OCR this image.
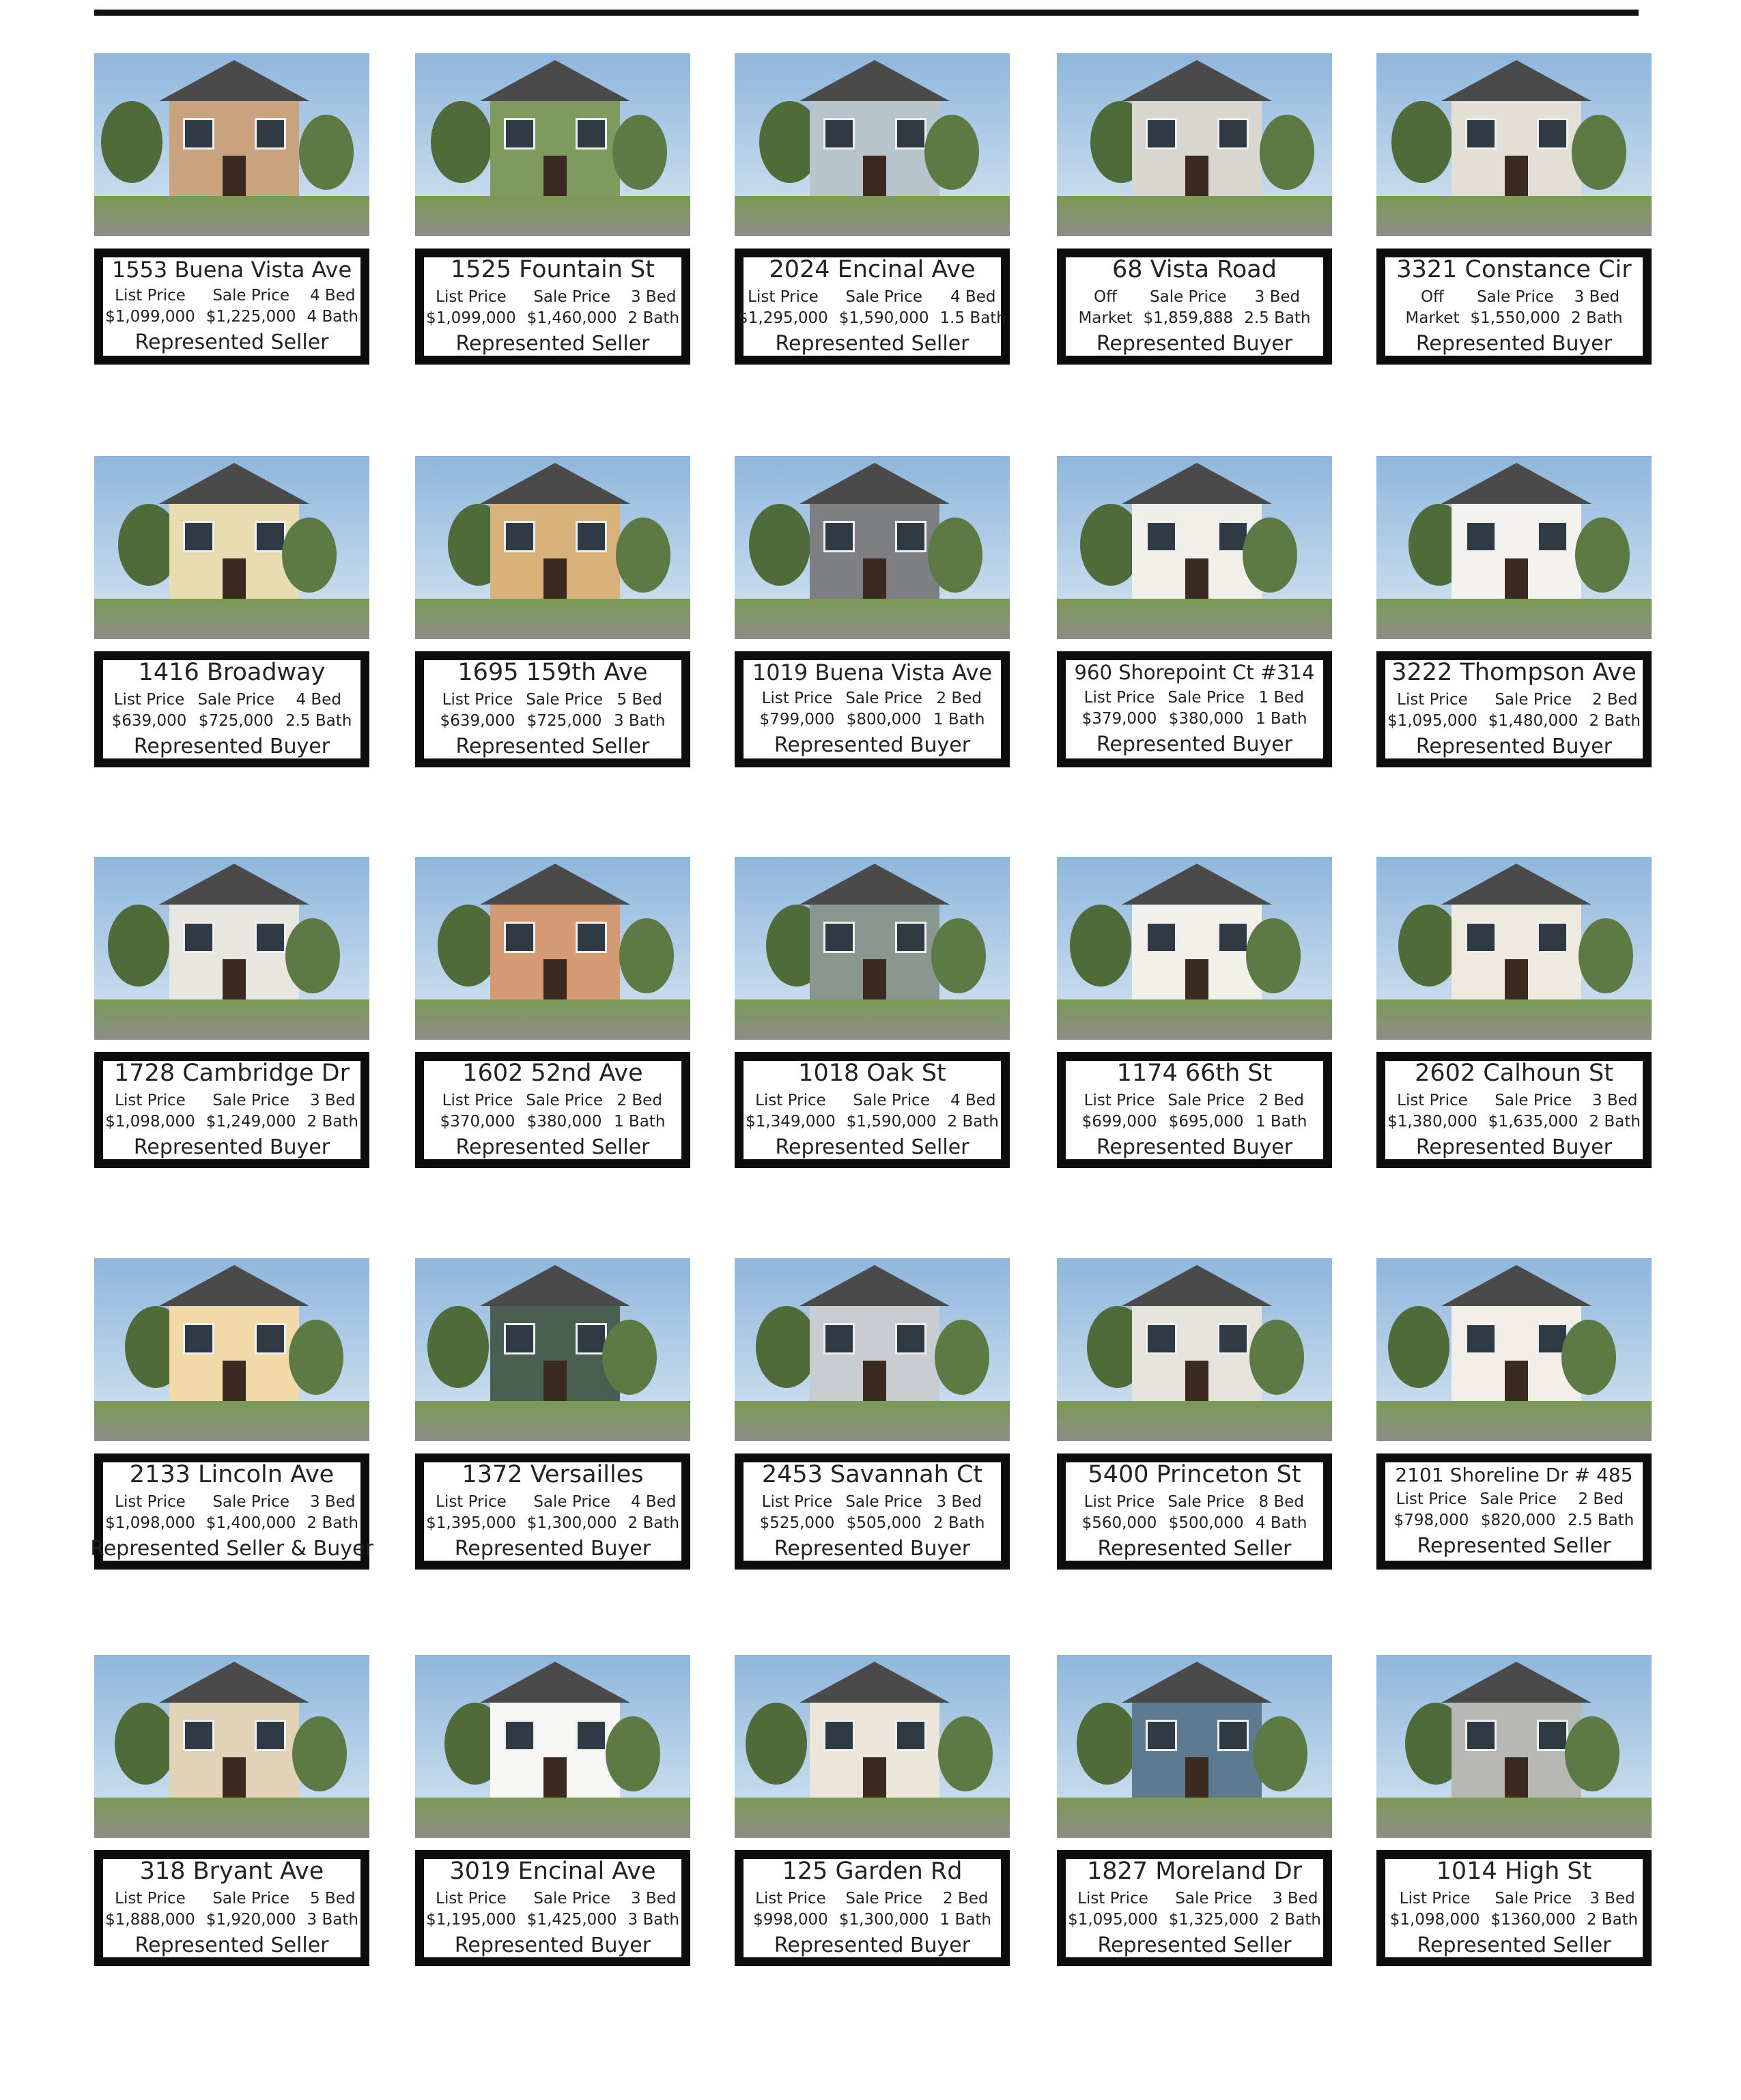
1553 Buena Vista Ave
List Price
$1,099,000
Sale Price
$1,225,000
4 Bed
4 Bath
Represented Seller
1525 Fountain St
List Price
$1,099,000
Sale Price
$1,460,000
3 Bed
2 Bath
Represented Seller
2024 Encinal Ave
List Price
$1,295,000
Sale Price
$1,590,000
4 Bed
1.5 Bath
Represented Seller
68 Vista Road
Off
Market
Sale Price
$1,859,888
3 Bed
2.5 Bath
Represented Buyer
3321 Constance Cir
Off
Market
Sale Price
$1,550,000
3 Bed
2 Bath
Represented Buyer
1416 Broadway
List Price
$639,000
Sale Price
$725,000
4 Bed
2.5 Bath
Represented Buyer
1695 159th Ave
List Price
$639,000
Sale Price
$725,000
5 Bed
3 Bath
Represented Seller
1019 Buena Vista Ave
List Price
$799,000
Sale Price
$800,000
2 Bed
1 Bath
Represented Buyer
960 Shorepoint Ct #314
List Price
$379,000
Sale Price
$380,000
1 Bed
1 Bath
Represented Buyer
3222 Thompson Ave
List Price
$1,095,000
Sale Price
$1,480,000
2 Bed
2 Bath
Represented Buyer
1728 Cambridge Dr
List Price
$1,098,000
Sale Price
$1,249,000
3 Bed
2 Bath
Represented Buyer
1602 52nd Ave
List Price
$370,000
Sale Price
$380,000
2 Bed
1 Bath
Represented Seller
1018 Oak St
List Price
$1,349,000
Sale Price
$1,590,000
4 Bed
2 Bath
Represented Seller
1174 66th St
List Price
$699,000
Sale Price
$695,000
2 Bed
1 Bath
Represented Buyer
2602 Calhoun St
List Price
$1,380,000
Sale Price
$1,635,000
3 Bed
2 Bath
Represented Buyer
2133 Lincoln Ave
List Price
$1,098,000
Sale Price
$1,400,000
3 Bed
2 Bath
Represented Seller & Buyer
1372 Versailles
List Price
$1,395,000
Sale Price
$1,300,000
4 Bed
2 Bath
Represented Buyer
2453 Savannah Ct
List Price
$525,000
Sale Price
$505,000
3 Bed
2 Bath
Represented Buyer
5400 Princeton St
List Price
$560,000
Sale Price
$500,000
8 Bed
4 Bath
Represented Seller
2101 Shoreline Dr # 485
List Price
$798,000
Sale Price
$820,000
2 Bed
2.5 Bath
Represented Seller
318 Bryant Ave
List Price
$1,888,000
Sale Price
$1,920,000
5 Bed
3 Bath
Represented Seller
3019 Encinal Ave
List Price
$1,195,000
Sale Price
$1,425,000
3 Bed
3 Bath
Represented Buyer
125 Garden Rd
List Price
$998,000
Sale Price
$1,300,000
2 Bed
1 Bath
Represented Buyer
1827 Moreland Dr
List Price
$1,095,000
Sale Price
$1,325,000
3 Bed
2 Bath
Represented Seller
1014 High St
List Price
$1,098,000
Sale Price
$1360,000
3 Bed
2 Bath
Represented Seller
